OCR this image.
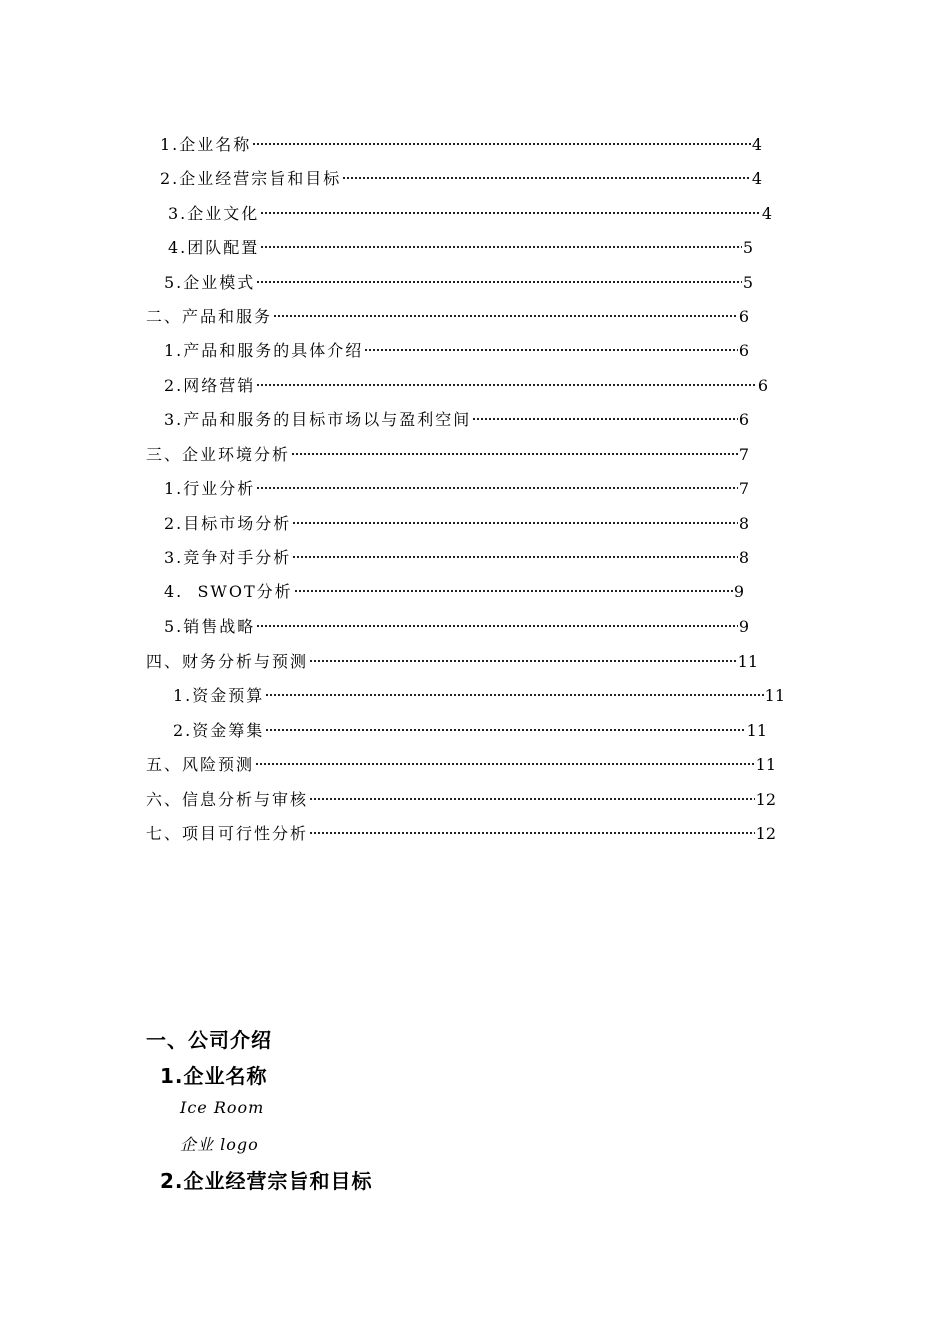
1.企业名称	4
2.企业经营宗旨和目标	4
3.企业文化	4
4.团队配置	5
5.企业模式	5
二、产品和服务	6
1.产品和服务的具体介绍	6
2.网络营销	6
3.产品和服务的目标市场以与盈利空间	6
三、企业环境分析	7
1.行业分析	7
2.目标市场分析	8
3.竞争对手分析	8
4.  SWOT分析	9
5.销售战略	9
四、财务分析与预测	11
1.资金预算	11
2.资金筹集	11
五、风险预测	11
六、信息分析与审核	12
七、项目可行性分析	12
一、公司介绍
1.企业名称
Ice Room
企业 logo
2.企业经营宗旨和目标
